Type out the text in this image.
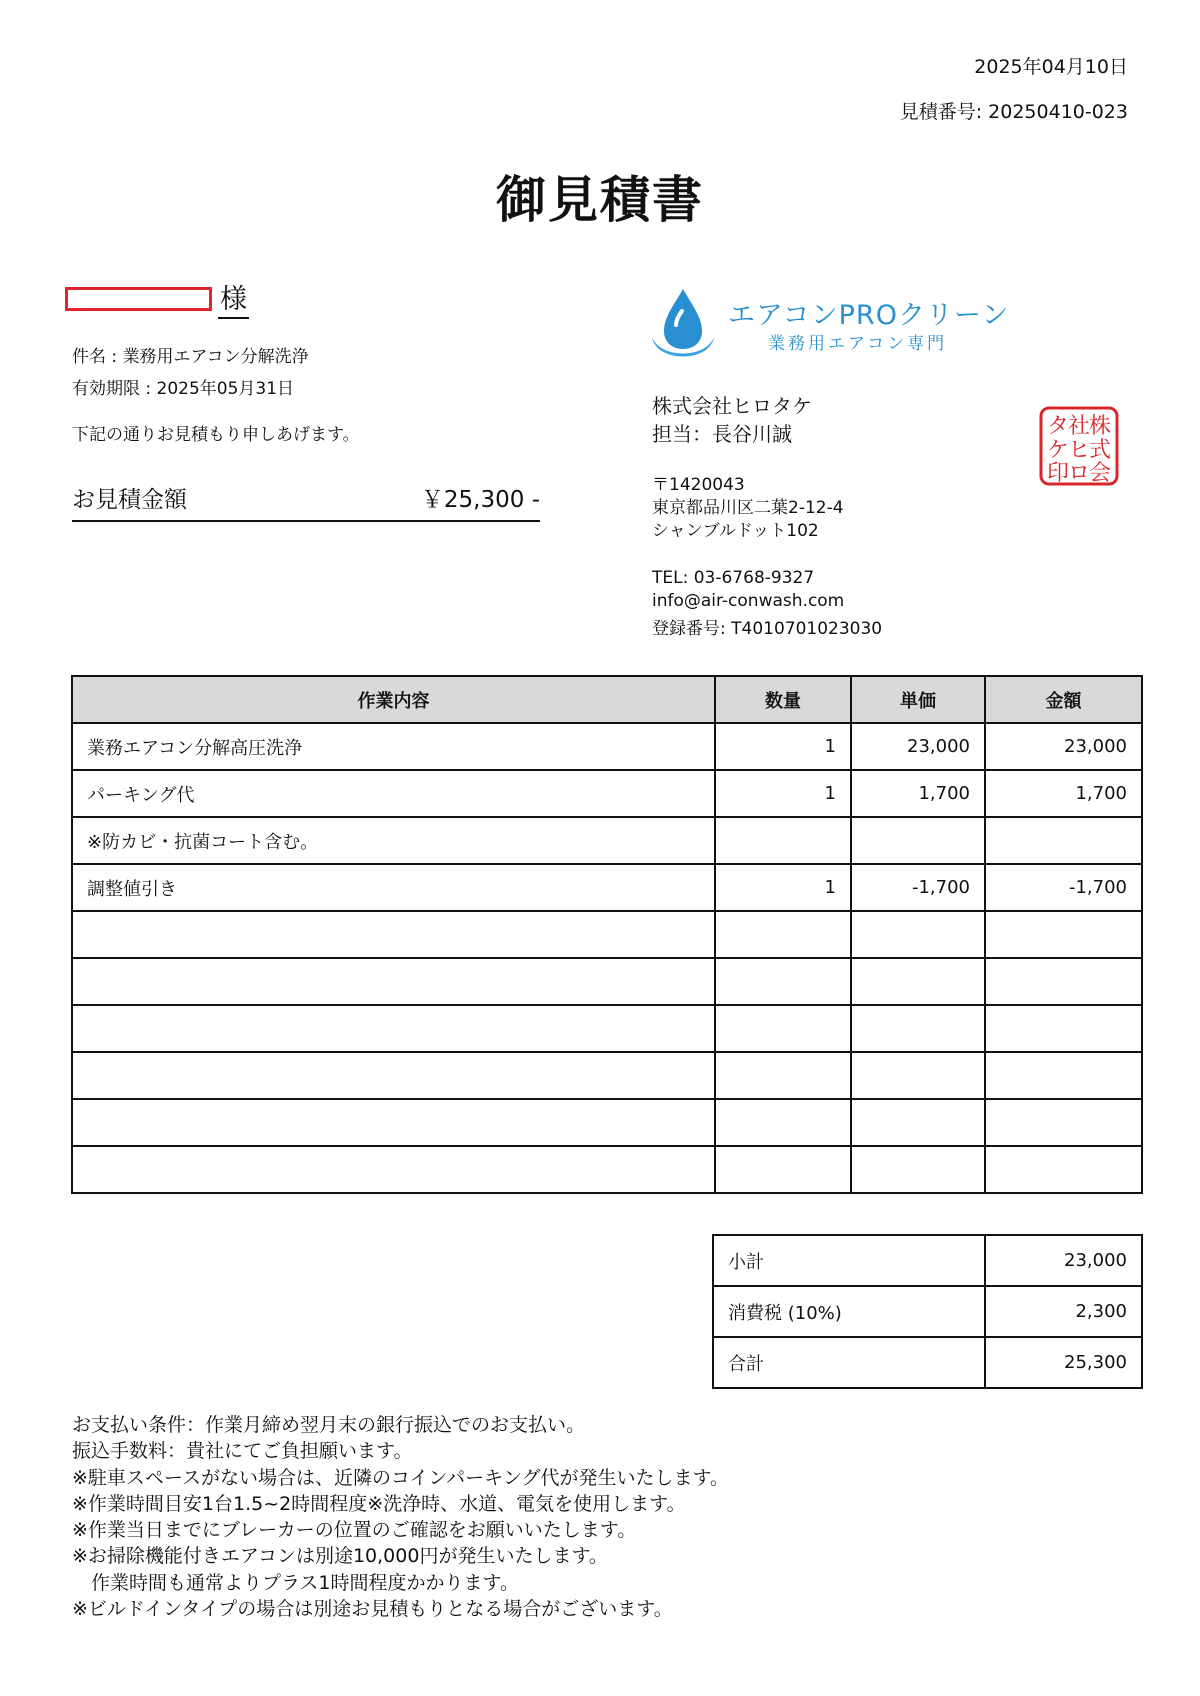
2025年04月10日
見積番号: 20250410-023
御見積書
様
件名 : 業務用エアコン分解洗浄
有効期限 : 2025年05月31日
下記の通りお見積もり申しあげます。
お見積金額	￥25,300 -
エアコンPROクリーン
業務用エアコン専門
株式会社ヒロタケ
担当：長谷川誠
〒1420043
東京都品川区二葉2-12-4
シャンブルドット102
TEL: 03-6768-9327
info@air-conwash.com
登録番号: T4010701023030
株
式
会
社
ヒ
ロ
タ
ケ
印
作業内容	数量	単価	金額
業務エアコン分解高圧洗浄	1	23,000	23,000
パーキング代	1	1,700	1,700
※防カビ・抗菌コート含む。			
調整値引き	1	-1,700	-1,700

小計	23,000
消費税 (10%)	2,300
合計	25,300
お支払い条件：作業月締め翌月末の銀行振込でのお支払い。
振込手数料：貴社にてご負担願います。
※駐車スペースがない場合は、近隣のコインパーキング代が発生いたします。
※作業時間目安1台1.5~2時間程度※洗浄時、水道、電気を使用します。
※作業当日までにブレーカーの位置のご確認をお願いいたします。
※お掃除機能付きエアコンは別途10,000円が発生いたします。
　作業時間も通常よりプラス1時間程度かかります。
※ビルドインタイプの場合は別途お見積もりとなる場合がございます。
